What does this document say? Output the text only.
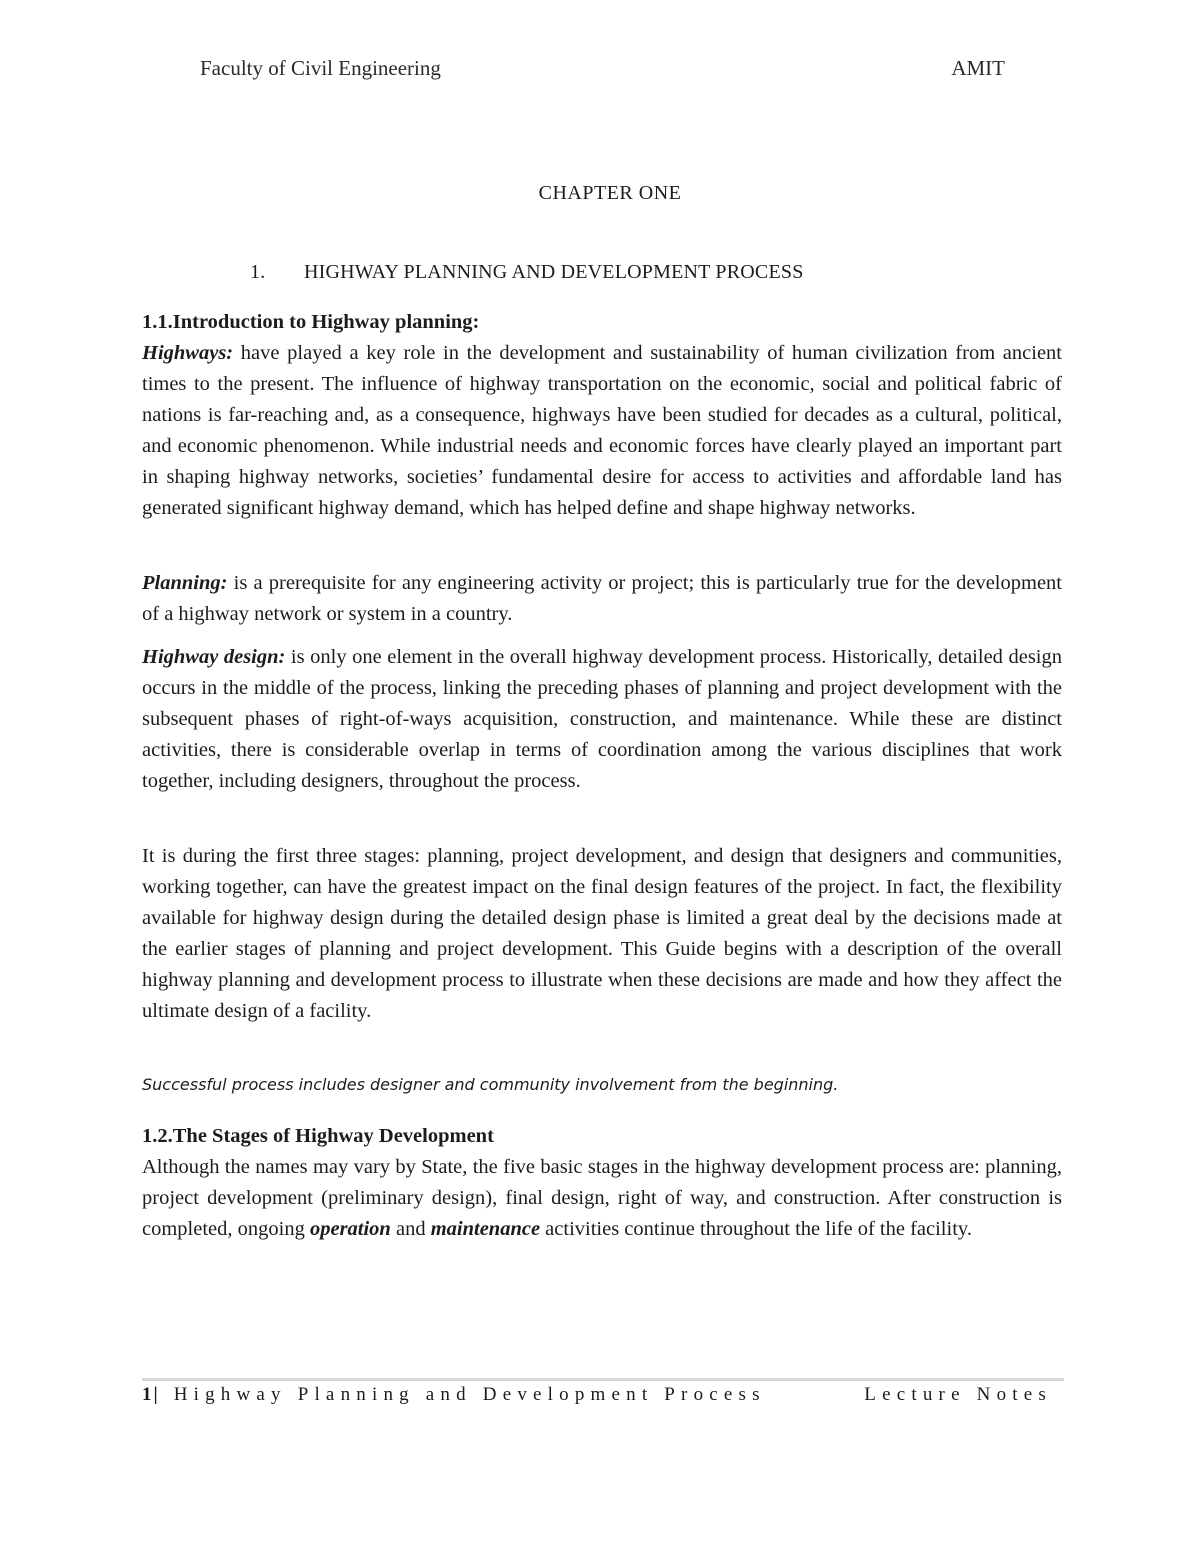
Faculty of Civil Engineering	AMIT
CHAPTER ONE
1. HIGHWAY PLANNING AND DEVELOPMENT PROCESS
1.1.Introduction to Highway planning:

Highways: have played a key role in the development and sustainability of human civilization from ancient times to the present. The influence of highway transportation on the economic, social and political fabric of nations is far-reaching and, as a consequence, highways have been studied for decades as a cultural, political, and economic phenomenon. While industrial needs and economic forces have clearly played an important part in shaping highway networks, societies’ fundamental desire for access to activities and affordable land has generated significant highway demand, which has helped define and shape highway networks.

Planning: is a prerequisite for any engineering activity or project; this is particularly true for the development of a highway network or system in a country.

Highway design: is only one element in the overall highway development process. Historically, detailed design occurs in the middle of the process, linking the preceding phases of planning and project development with the subsequent phases of right-of-ways acquisition, construction, and maintenance. While these are distinct activities, there is considerable overlap in terms of coordination among the various disciplines that work together, including designers, throughout the process.

It is during the first three stages: planning, project development, and design that designers and communities, working together, can have the greatest impact on the final design features of the project. In fact, the flexibility available for highway design during the detailed design phase is limited a great deal by the decisions made at the earlier stages of planning and project development. This Guide begins with a description of the overall highway planning and development process to illustrate when these decisions are made and how they affect the ultimate design of a facility.

Successful process includes designer and community involvement from the beginning.
1.2.The Stages of Highway Development

Although the names may vary by State, the five basic stages in the highway development process are: planning, project development (preliminary design), final design, right of way, and construction. After construction is completed, ongoing operation and maintenance activities continue throughout the life of the facility.

1| Highway Planning and Development Process	Lecture Notes
